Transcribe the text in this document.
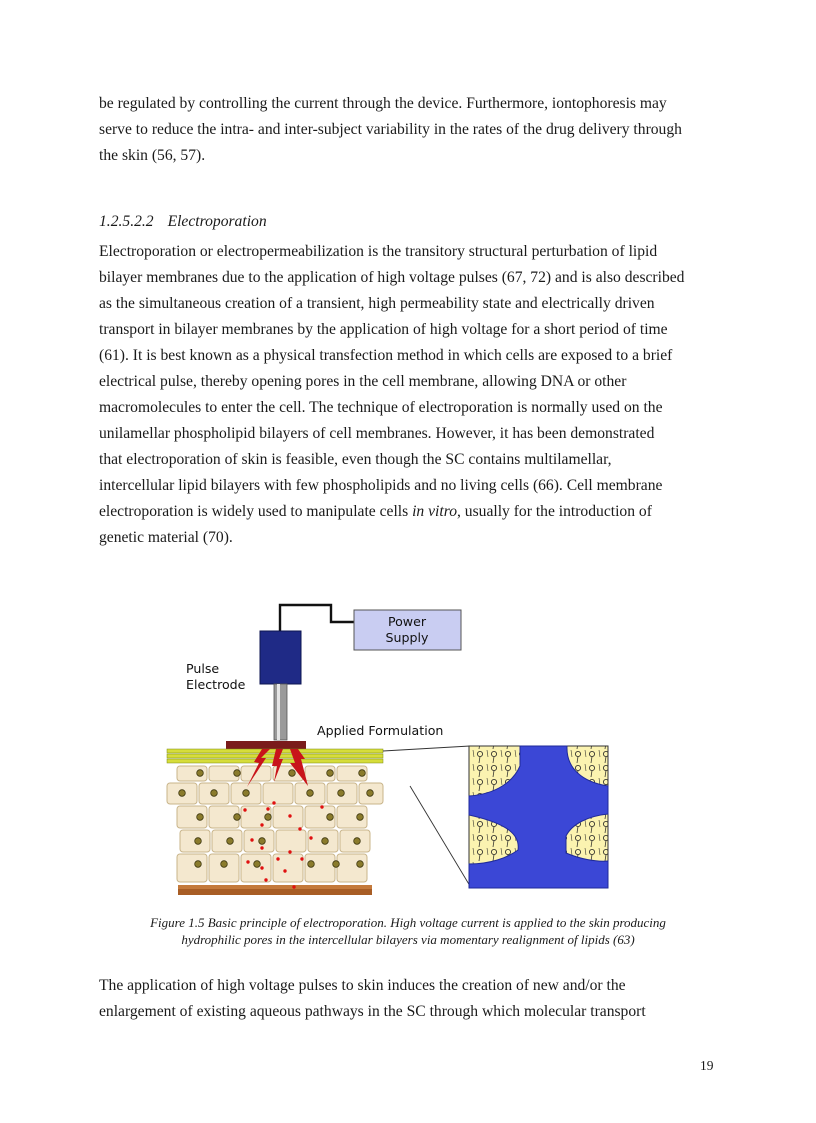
be regulated by controlling the current through the device. Furthermore, iontophoresis may
serve to reduce the intra- and inter-subject variability in the rates of the drug delivery through
the skin (56, 57).

1.2.5.2.2 Electroporation

Electroporation or electropermeabilization is the transitory structural perturbation of lipid
bilayer membranes due to the application of high voltage pulses (67, 72) and is also described
as the simultaneous creation of a transient, high permeability state and electrically driven
transport in bilayer membranes by the application of high voltage for a short period of time
(61). It is best known as a physical transfection method in which cells are exposed to a brief
electrical pulse, thereby opening pores in the cell membrane, allowing DNA or other
macromolecules to enter the cell. The technique of electroporation is normally used on the
unilamellar phospholipid bilayers of cell membranes. However, it has been demonstrated
that electroporation of skin is feasible, even though the SC contains multilamellar,
intercellular lipid bilayers with few phospholipids and no living cells (66). Cell membrane
electroporation is widely used to manipulate cells in vitro, usually for the introduction of
genetic material (70).
Power
Supply
Pulse
Electrode
Applied Formulation
Figure 1.5 Basic principle of electroporation. High voltage current is applied to the skin producing
hydrophilic pores in the intercellular bilayers via momentary realignment of lipids (63)
The application of high voltage pulses to skin induces the creation of new and/or the
enlargement of existing aqueous pathways in the SC through which molecular transport
19
